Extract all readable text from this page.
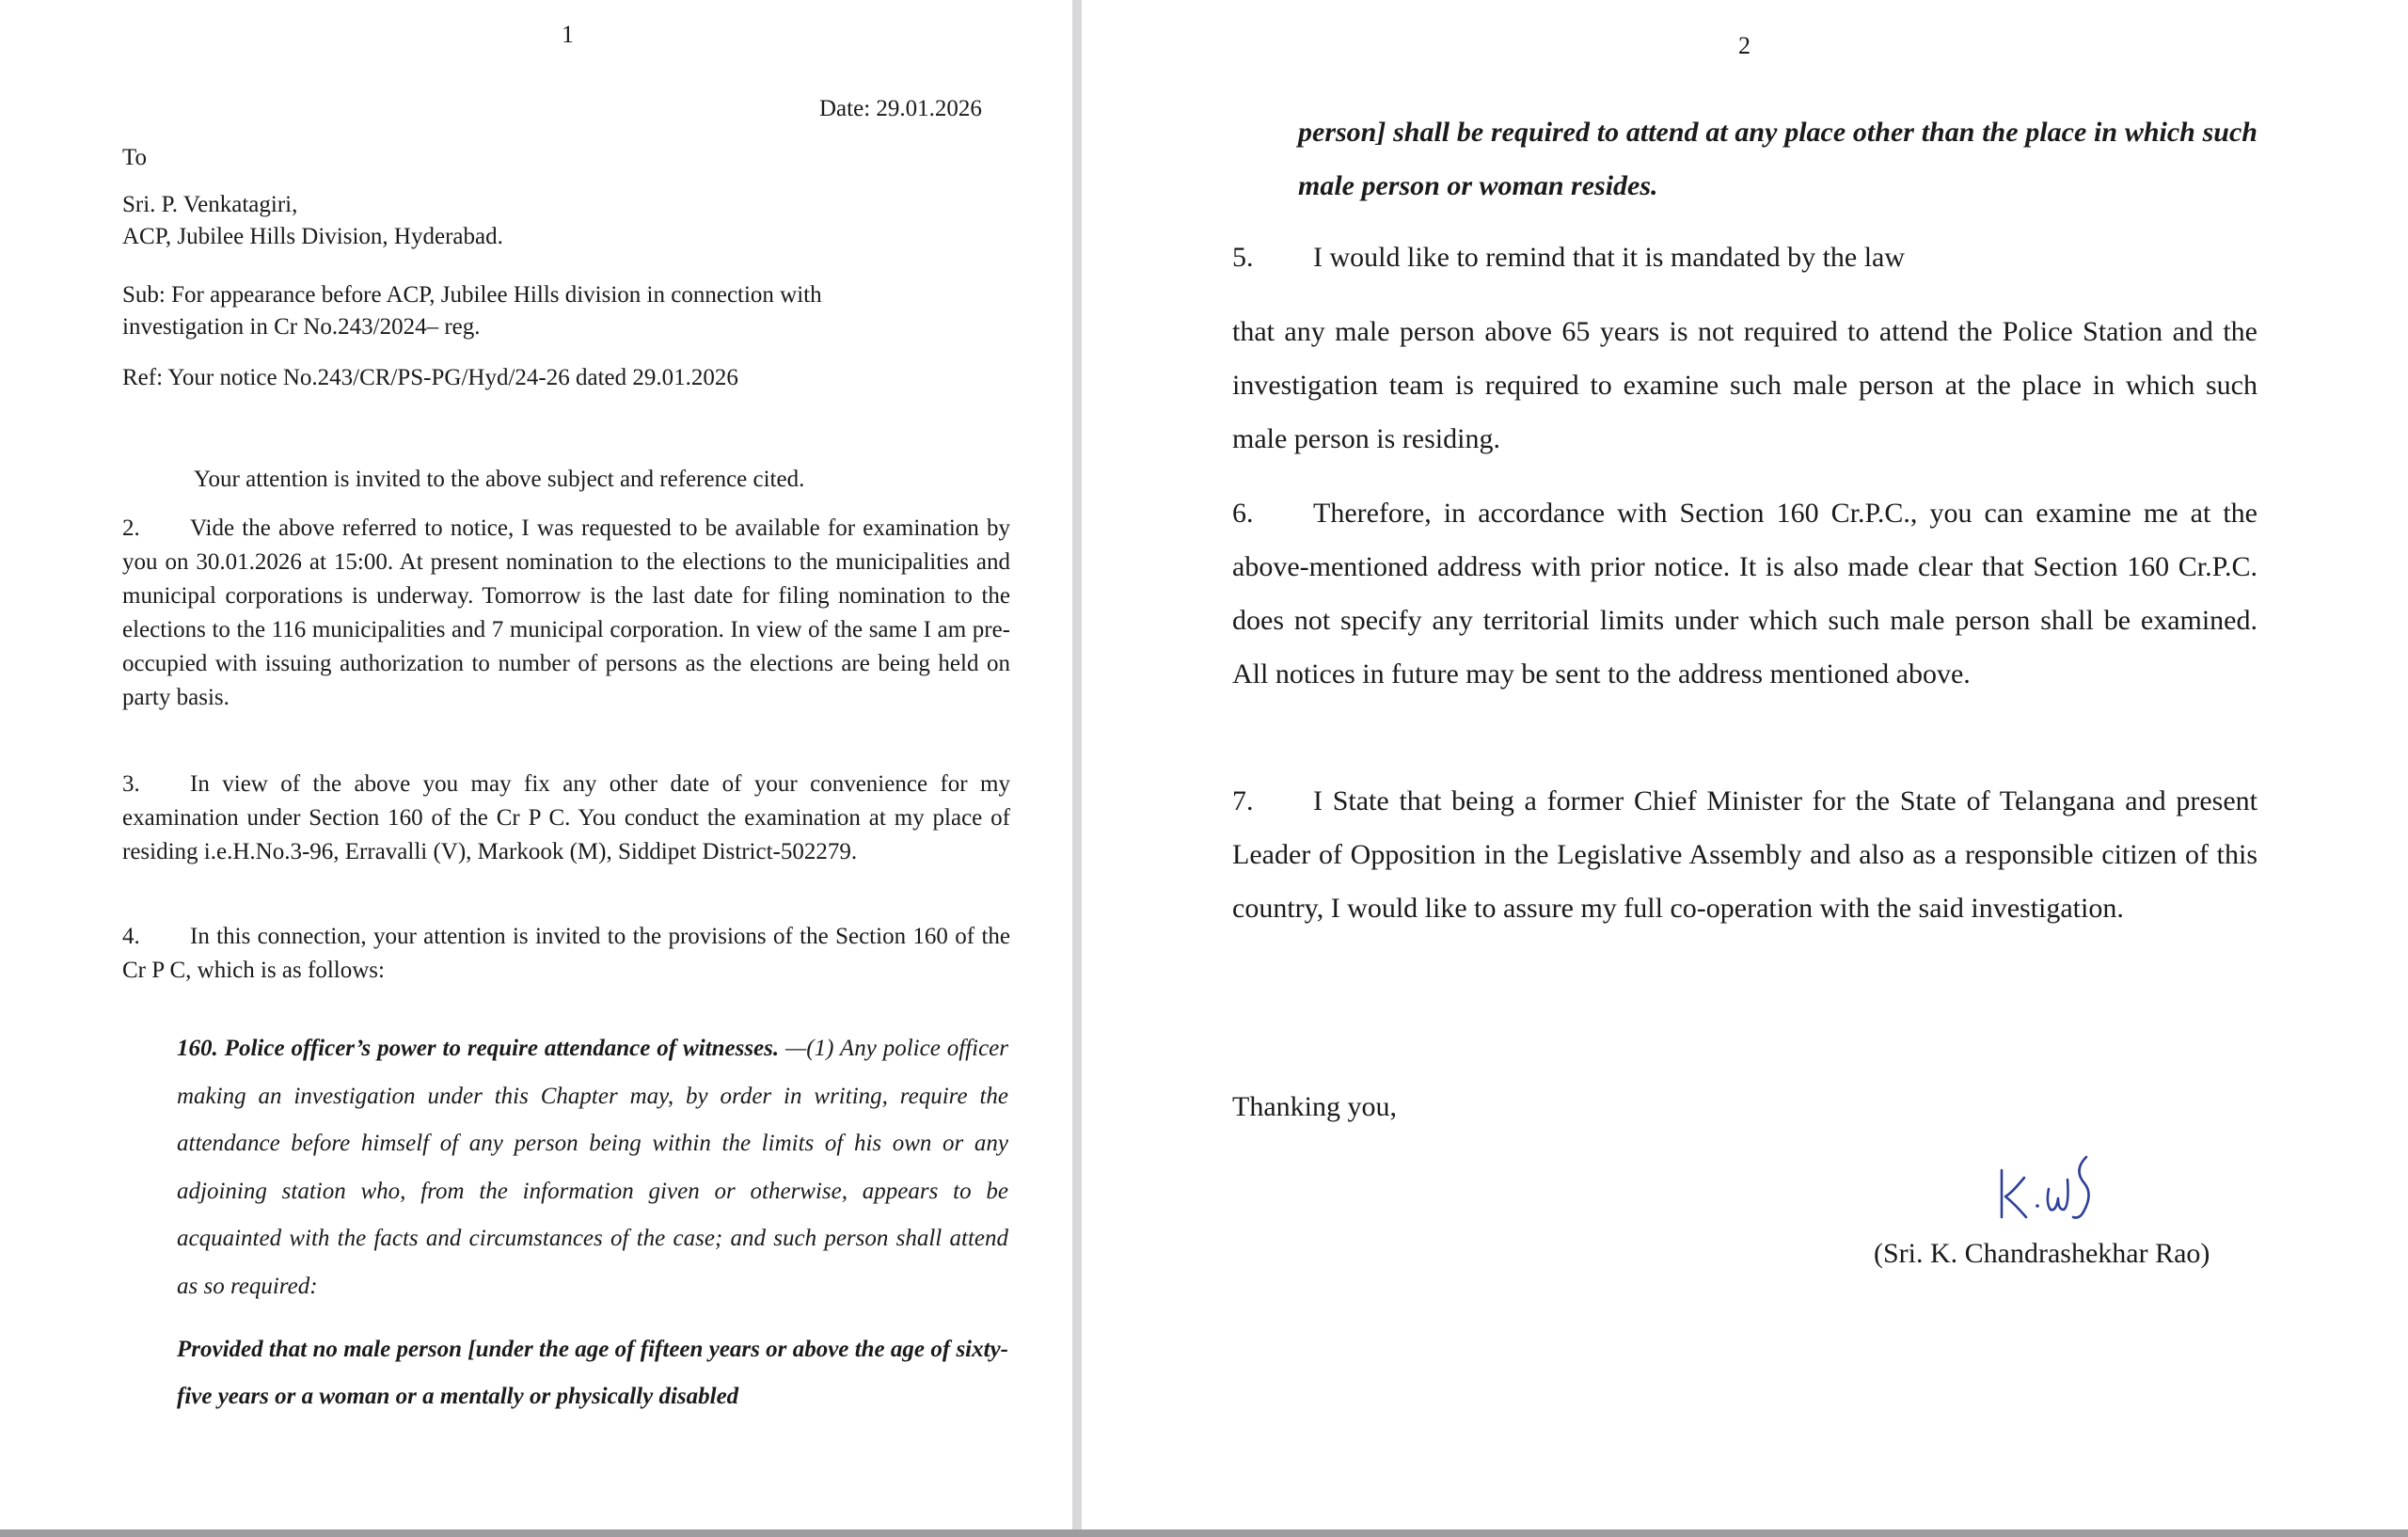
1
Date: 29.01.2026
To
Sri. P. Venkatagiri,
ACP, Jubilee Hills Division, Hyderabad.
Sub: For appearance before ACP, Jubilee Hills division in connection with
investigation in Cr No.243/2024– reg.
Ref: Your notice No.243/CR/PS-PG/Hyd/24-26 dated 29.01.2026
Your attention is invited to the above subject and reference cited.
2. Vide the above referred to notice, I was requested to be available for examination by you on 30.01.2026 at 15:00. At present nomination to the elections to the municipalities and municipal corporations is underway. Tomorrow is the last date for filing nomination to the elections to the 116 municipalities and 7 municipal corporation. In view of the same I am pre-occupied with issuing authorization to number of persons as the elections are being held on party basis.
3. In view of the above you may fix any other date of your convenience for my examination under Section 160 of the Cr P C. You conduct the examination at my place of residing i.e.H.No.3-96, Erravalli (V), Markook (M), Siddipet District-502279.
4. In this connection, your attention is invited to the provisions of the Section 160 of the Cr P C, which is as follows:
160. Police officer’s power to require attendance of witnesses. —(1) Any police officer making an investigation under this Chapter may, by order in writing, require the attendance before himself of any person being within the limits of his own or any adjoining station who, from the information given or otherwise, appears to be acquainted with the facts and circumstances of the case; and such person shall attend as so required:
Provided that no male person [under the age of fifteen years or above the age of sixty-five years or a woman or a mentally or physically disabled
2
person] shall be required to attend at any place other than the place in which such male person or woman resides.
5. I would like to remind that it is mandated by the law
that any male person above 65 years is not required to attend the Police Station and the investigation team is required to examine such male person at the place in which such male person is residing.
6. Therefore, in accordance with Section 160 Cr.P.C., you can examine me at the above-mentioned address with prior notice. It is also made clear that Section 160 Cr.P.C. does not specify any territorial limits under which such male person shall be examined. All notices in future may be sent to the address mentioned above.
7. I State that being a former Chief Minister for the State of Telangana and present Leader of Opposition in the Legislative Assembly and also as a responsible citizen of this country, I would like to assure my full co-operation with the said investigation.
Thanking you,
(Sri. K. Chandrashekhar Rao)
